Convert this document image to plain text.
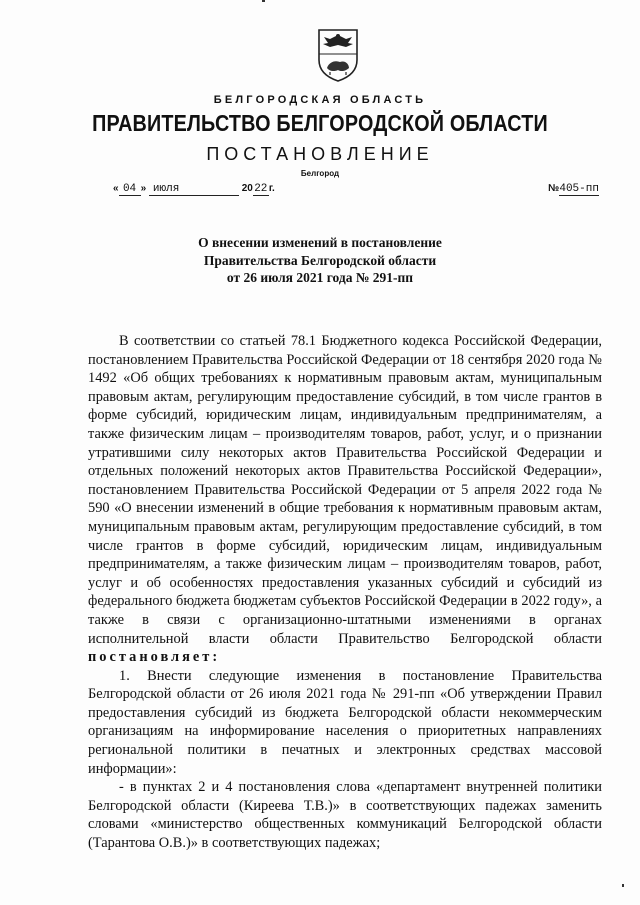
БЕЛГОРОДСКАЯ ОБЛАСТЬ
ПРАВИТЕЛЬСТВО БЕЛГОРОДСКОЙ ОБЛАСТИ
ПОСТАНОВЛЕНИЕ
Белгород
« 04 » июля	2022г.	№405-пп
О внесении изменений в постановление
Правительства Белгородской области
от 26 июля 2021 года № 291-пп

В соответствии со статьей 78.1 Бюджетного кодекса Российской Федерации, постановлением Правительства Российской Федерации от 18 сентября 2020 года № 1492 «Об общих требованиях к нормативным правовым актам, муниципальным правовым актам, регулирующим предоставление субсидий, в том числе грантов в форме субсидий, юридическим лицам, индивидуальным предпринимателям, а также физическим лицам – производителям товаров, работ, услуг, и о признании утратившими силу некоторых актов Правительства Российской Федерации и отдельных положений некоторых актов Правительства Российской Федерации», постановлением Правительства Российской Федерации от 5 апреля 2022 года № 590 «О внесении изменений в общие требования к нормативным правовым актам, муниципальным правовым актам, регулирующим предоставление субсидий, в том числе грантов в форме субсидий, юридическим лицам, индивидуальным предпринимателям, а также физическим лицам – производителям товаров, работ, услуг и об особенностях предоставления указанных субсидий и субсидий из федерального бюджета бюджетам субъектов Российской Федерации в 2022 году», а также в связи с организационно-штатными изменениями в органах исполнительной власти области Правительство Белгородской области постановляет:

1. Внести следующие изменения в постановление Правительства Белгородской области от 26 июля 2021 года № 291-пп «Об утверждении Правил предоставления субсидий из бюджета Белгородской области некоммерческим организациям на информирование населения о приоритетных направлениях региональной политики в печатных и электронных средствах массовой информации»:

- в пунктах 2 и 4 постановления слова «департамент внутренней политики Белгородской области (Киреева Т.В.)» в соответствующих падежах заменить словами «министерство общественных коммуникаций Белгородской области (Тарантова О.В.)» в соответствующих падежах;
